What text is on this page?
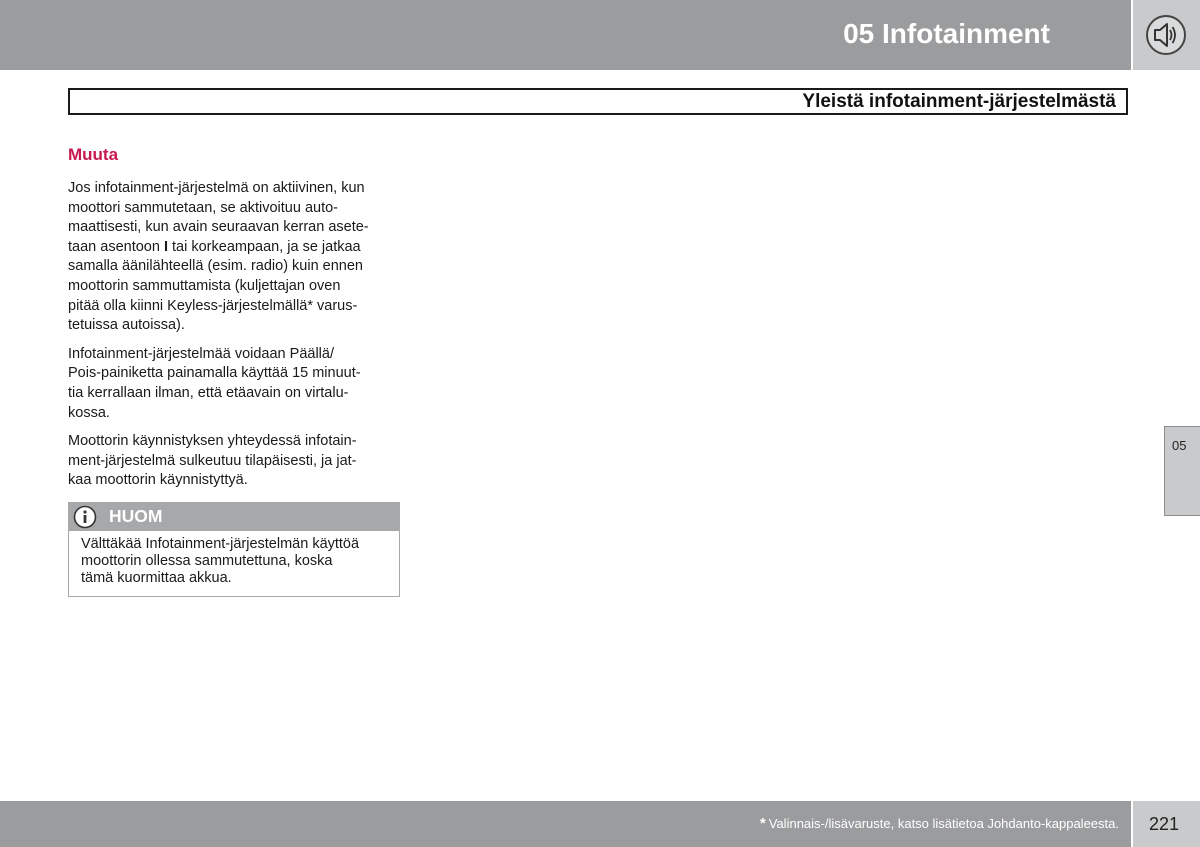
05 Infotainment
Yleistä infotainment-järjestelmästä
Muuta

Jos infotainment-järjestelmä on aktiivinen, kun
moottori sammutetaan, se aktivoituu auto-
maattisesti, kun avain seuraavan kerran asete-
taan asentoon I tai korkeampaan, ja se jatkaa
samalla äänilähteellä (esim. radio) kuin ennen
moottorin sammuttamista (kuljettajan oven
pitää olla kiinni Keyless-järjestelmällä* varus-
tetuissa autoissa).

Infotainment-järjestelmää voidaan Päällä/
Pois-painiketta painamalla käyttää 15 minuut-
tia kerrallaan ilman, että etäavain on virtalu-
kossa.

Moottorin käynnistyksen yhteydessä infotain-
ment-järjestelmä sulkeutuu tilapäisesti, ja jat-
kaa moottorin käynnistyttyä.

HUOM
Välttäkää Infotainment-järjestelmän käyttöä
moottorin ollessa sammutettuna, koska
tämä kuormittaa akkua.
05
* Valinnais-/lisävaruste, katso lisätietoa Johdanto-kappaleesta. 221
